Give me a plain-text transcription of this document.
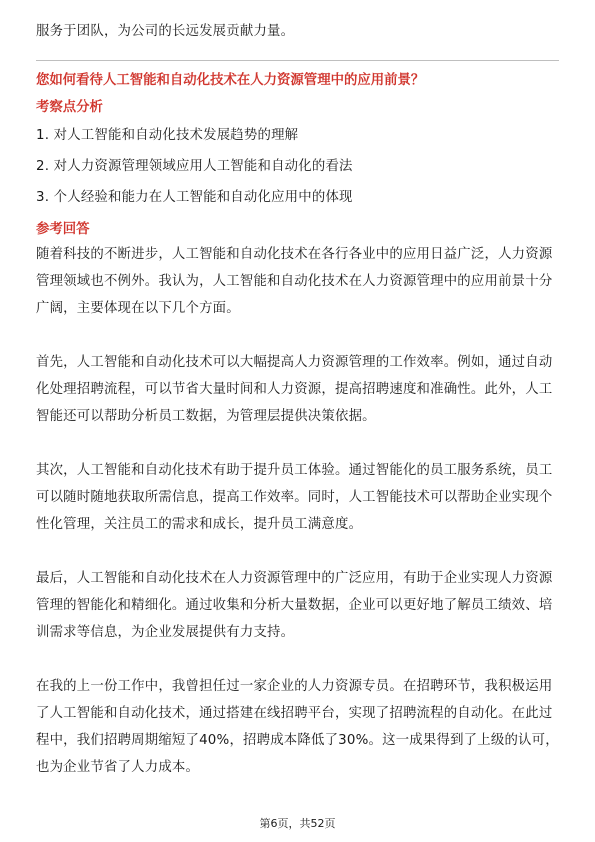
服务于团队，为公司的长远发展贡献力量。

您如何看待人工智能和自动化技术在人力资源管理中的应用前景？
考察点分析

1. 对人工智能和自动化技术发展趋势的理解

2. 对人力资源管理领域应用人工智能和自动化的看法

3. 个人经验和能力在人工智能和自动化应用中的体现

参考回答

随着科技的不断进步，人工智能和自动化技术在各行各业中的应用日益广泛，人力资源管理领域也不例外。我认为，人工智能和自动化技术在人力资源管理中的应用前景十分广阔，主要体现在以下几个方面。

首先，人工智能和自动化技术可以大幅提高人力资源管理的工作效率。例如，通过自动化处理招聘流程，可以节省大量时间和人力资源，提高招聘速度和准确性。此外，人工智能还可以帮助分析员工数据，为管理层提供决策依据。

其次，人工智能和自动化技术有助于提升员工体验。通过智能化的员工服务系统，员工可以随时随地获取所需信息，提高工作效率。同时，人工智能技术可以帮助企业实现个性化管理，关注员工的需求和成长，提升员工满意度。

最后，人工智能和自动化技术在人力资源管理中的广泛应用，有助于企业实现人力资源管理的智能化和精细化。通过收集和分析大量数据，企业可以更好地了解员工绩效、培训需求等信息，为企业发展提供有力支持。

在我的上一份工作中，我曾担任过一家企业的人力资源专员。在招聘环节，我积极运用了人工智能和自动化技术，通过搭建在线招聘平台，实现了招聘流程的自动化。在此过程中，我们招聘周期缩短了40%，招聘成本降低了30%。这一成果得到了上级的认可，也为企业节省了人力成本。

第6页，共52页
